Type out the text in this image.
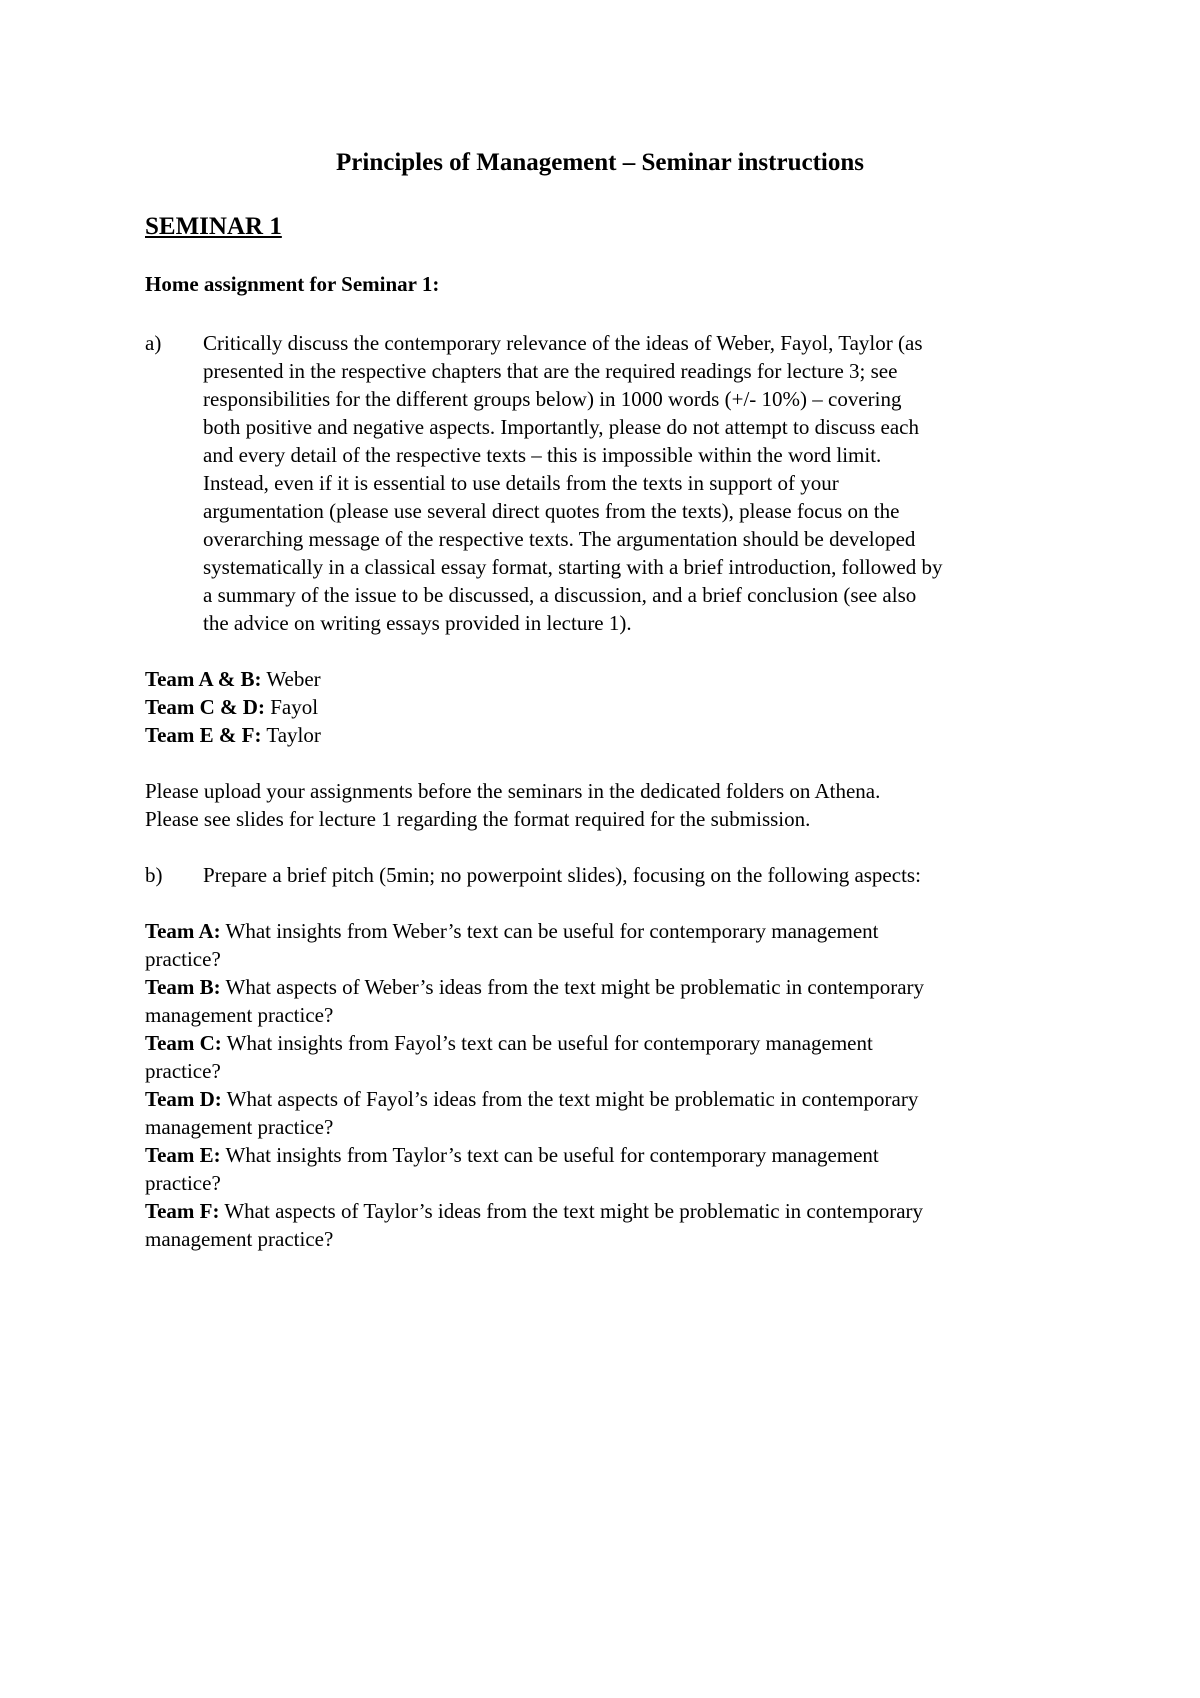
Principles of Management – Seminar instructions
SEMINAR 1
Home assignment for Seminar 1:
a) Critically discuss the contemporary relevance of the ideas of Weber, Fayol, Taylor (as
presented in the respective chapters that are the required readings for lecture 3; see
responsibilities for the different groups below) in 1000 words (+/- 10%) – covering
both positive and negative aspects. Importantly, please do not attempt to discuss each
and every detail of the respective texts – this is impossible within the word limit.
Instead, even if it is essential to use details from the texts in support of your
argumentation (please use several direct quotes from the texts), please focus on the
overarching message of the respective texts. The argumentation should be developed
systematically in a classical essay format, starting with a brief introduction, followed by
a summary of the issue to be discussed, a discussion, and a brief conclusion (see also
the advice on writing essays provided in lecture 1).
Team A & B: Weber
Team C & D: Fayol
Team E & F: Taylor
Please upload your assignments before the seminars in the dedicated folders on Athena.
Please see slides for lecture 1 regarding the format required for the submission.
b) Prepare a brief pitch (5min; no powerpoint slides), focusing on the following aspects:
Team A: What insights from Weber’s text can be useful for contemporary management
practice?
Team B: What aspects of Weber’s ideas from the text might be problematic in contemporary
management practice?
Team C: What insights from Fayol’s text can be useful for contemporary management
practice?
Team D: What aspects of Fayol’s ideas from the text might be problematic in contemporary
management practice?
Team E: What insights from Taylor’s text can be useful for contemporary management
practice?
Team F: What aspects of Taylor’s ideas from the text might be problematic in contemporary
management practice?
